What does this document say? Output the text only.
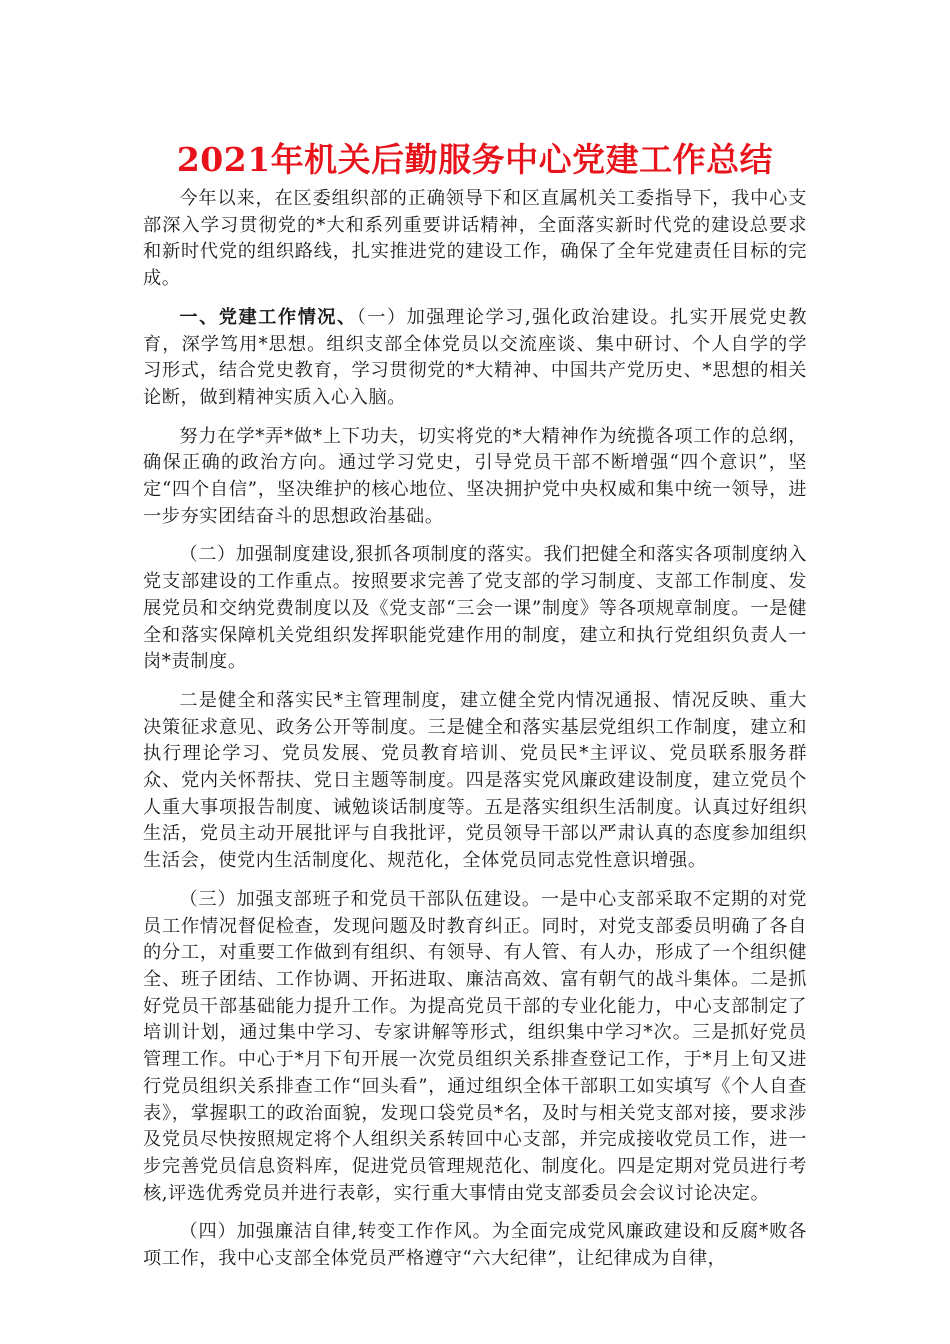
2021年机关后勤服务中心党建工作总结

今年以来，在区委组织部的正确领导下和区直属机关工委指导下，我中心支部深入学习贯彻党的*大和系列重要讲话精神，全面落实新时代党的建设总要求和新时代党的组织路线，扎实推进党的建设工作，确保了全年党建责任目标的完成。

一、党建工作情况、（一）加强理论学习,强化政治建设。扎实开展党史教育，深学笃用*思想。组织支部全体党员以交流座谈、集中研讨、个人自学的学习形式，结合党史教育，学习贯彻党的*大精神、中国共产党历史、*思想的相关论断，做到精神实质入心入脑。

努力在学*弄*做*上下功夫，切实将党的*大精神作为统揽各项工作的总纲，确保正确的政治方向。通过学习党史，引导党员干部不断增强“四个意识”，坚定“四个自信”，坚决维护的核心地位、坚决拥护党中央权威和集中统一领导，进一步夯实团结奋斗的思想政治基础。

（二）加强制度建设,狠抓各项制度的落实。我们把健全和落实各项制度纳入党支部建设的工作重点。按照要求完善了党支部的学习制度、支部工作制度、发展党员和交纳党费制度以及《党支部“三会一课”制度》等各项规章制度。一是健全和落实保障机关党组织发挥职能党建作用的制度，建立和执行党组织负责人一岗*责制度。

二是健全和落实民*主管理制度，建立健全党内情况通报、情况反映、重大决策征求意见、政务公开等制度。三是健全和落实基层党组织工作制度，建立和执行理论学习、党员发展、党员教育培训、党员民*主评议、党员联系服务群众、党内关怀帮扶、党日主题等制度。四是落实党风廉政建设制度，建立党员个人重大事项报告制度、诫勉谈话制度等。五是落实组织生活制度。认真过好组织生活，党员主动开展批评与自我批评，党员领导干部以严肃认真的态度参加组织生活会，使党内生活制度化、规范化，全体党员同志党性意识增强。

（三）加强支部班子和党员干部队伍建设。一是中心支部采取不定期的对党员工作情况督促检查，发现问题及时教育纠正。同时，对党支部委员明确了各自的分工，对重要工作做到有组织、有领导、有人管、有人办，形成了一个组织健全、班子团结、工作协调、开拓进取、廉洁高效、富有朝气的战斗集体。二是抓好党员干部基础能力提升工作。为提高党员干部的专业化能力，中心支部制定了培训计划，通过集中学习、专家讲解等形式，组织集中学习*次。三是抓好党员管理工作。中心于*月下旬开展一次党员组织关系排查登记工作，于*月上旬又进行党员组织关系排查工作“回头看”，通过组织全体干部职工如实填写《个人自查表》，掌握职工的政治面貌，发现口袋党员*名，及时与相关党支部对接，要求涉及党员尽快按照规定将个人组织关系转回中心支部，并完成接收党员工作，进一步完善党员信息资料库，促进党员管理规范化、制度化。四是定期对党员进行考核,评选优秀党员并进行表彰，实行重大事情由党支部委员会会议讨论决定。

（四）加强廉洁自律,转变工作作风。为全面完成党风廉政建设和反腐*败各项工作，我中心支部全体党员严格遵守“六大纪律”，让纪律成为自律，
